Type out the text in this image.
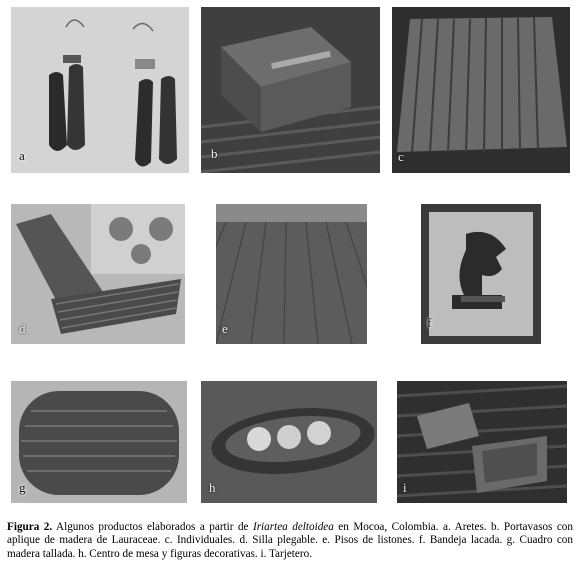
a	b	c
d	e	f
g	h	i
Figura 2. Algunos productos elaborados a partir de Iriartea deltoidea en Mocoa, Colombia. a. Aretes. b. Portavasos con aplique de madera de Lauraceae. c. Individuales. d. Silla plegable. e. Pisos de listones. f. Bandeja lacada. g. Cuadro con madera tallada. h. Centro de mesa y figuras decorativas. i. Tarjetero.
